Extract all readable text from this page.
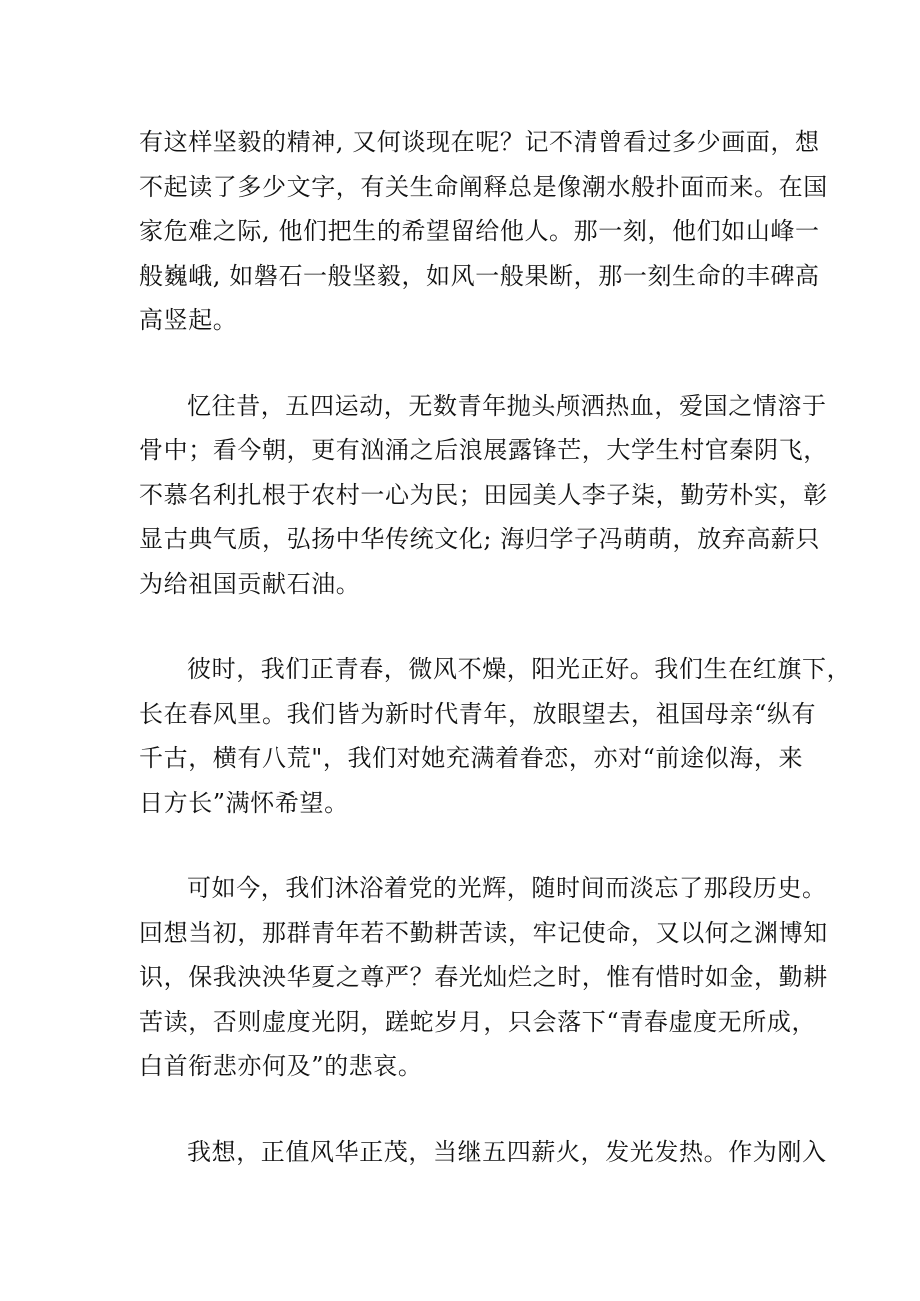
有这样坚毅的精神, 又何谈现在呢？记不清曾看过多少画面，想
不起读了多少文字，有关生命阐释总是像潮水般扑面而来。在国
家危难之际, 他们把生的希望留给他人。那一刻，他们如山峰一
般巍峨, 如磐石一般坚毅，如风一般果断，那一刻生命的丰碑高
高竖起。

忆往昔，五四运动，无数青年抛头颅洒热血，爱国之情溶于
骨中；看今朝，更有汹涌之后浪展露锋芒，大学生村官秦阴飞，
不慕名利扎根于农村一心为民；田园美人李子柒，勤劳朴实，彰
显古典气质，弘扬中华传统文化; 海归学子冯萌萌，放弃高薪只
为给祖国贡献石油。

彼时，我们正青春，微风不燥，阳光正好。我们生在红旗下，
长在春风里。我们皆为新时代青年，放眼望去，祖国母亲“纵有
千古，横有八荒"，我们对她充满着眷恋，亦对“前途似海，来
日方长”满怀希望。

可如今，我们沐浴着党的光辉，随时间而淡忘了那段历史。
回想当初，那群青年若不勤耕苦读，牢记使命，又以何之渊博知
识，保我泱泱华夏之尊严？春光灿烂之时，惟有惜时如金，勤耕
苦读，否则虚度光阴，蹉蛇岁月，只会落下“青春虚度无所成，
白首衔悲亦何及”的悲哀。

我想，正值风华正茂，当继五四薪火，发光发热。作为刚入
